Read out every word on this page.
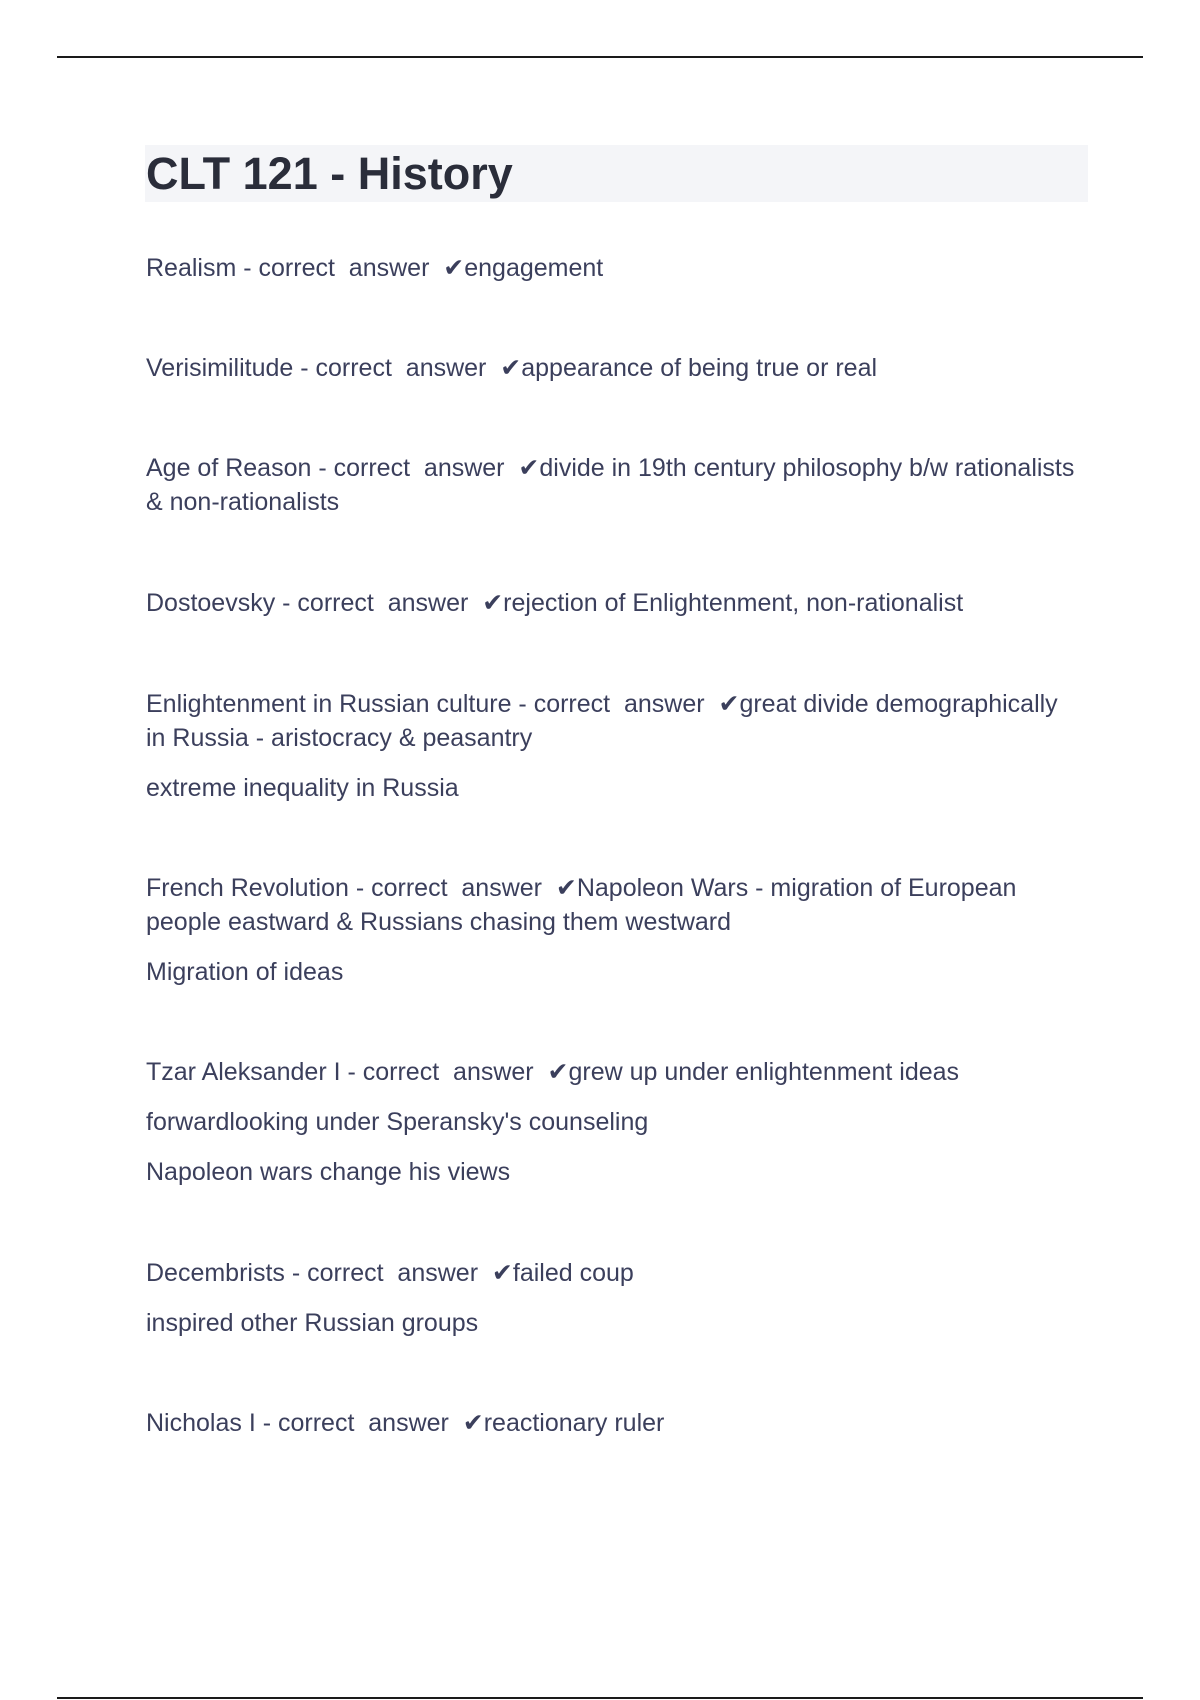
CLT 121 - History

Realism - correct  answer  ✔engagement

Verisimilitude - correct  answer  ✔appearance of being true or real

Age of Reason - correct  answer  ✔divide in 19th century philosophy b/w rationalists & non-rationalists

Dostoevsky - correct  answer  ✔rejection of Enlightenment, non-rationalist

Enlightenment in Russian culture - correct  answer  ✔great divide demographically in Russia - aristocracy & peasantry

extreme inequality in Russia

French Revolution - correct  answer  ✔Napoleon Wars - migration of European people eastward & Russians chasing them westward

Migration of ideas

Tzar Aleksander I - correct  answer  ✔grew up under enlightenment ideas

forwardlooking under Speransky's counseling

Napoleon wars change his views

Decembrists - correct  answer  ✔failed coup

inspired other Russian groups

Nicholas I - correct  answer  ✔reactionary ruler
